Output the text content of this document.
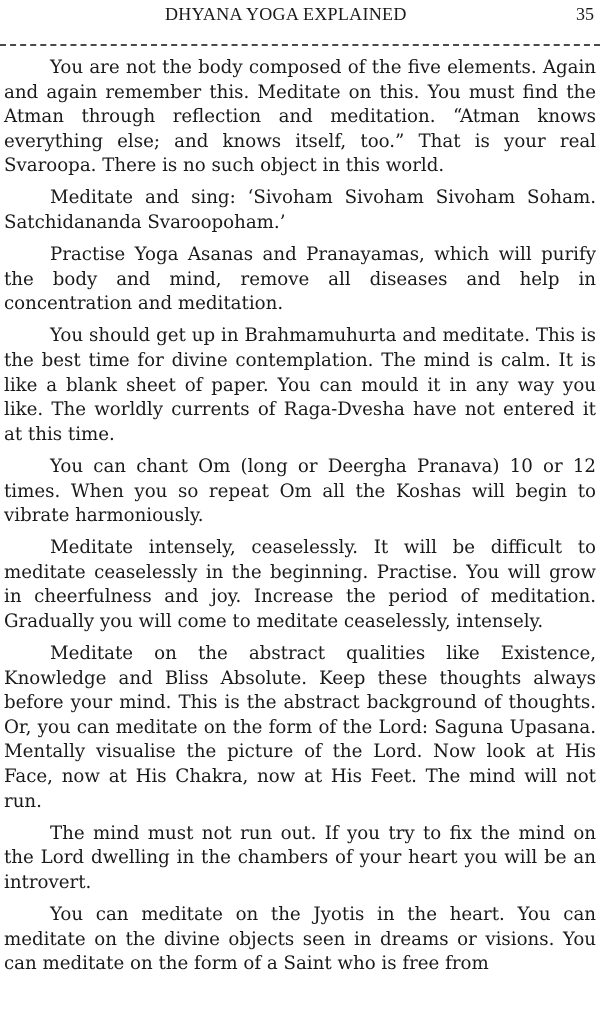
DHYANA YOGA EXPLAINED	35

You are not the body composed of the five elements. Again and again remember this. Meditate on this. You must find the Atman through reflection and meditation. “Atman knows everything else; and knows itself, too.” That is your real Svaroopa. There is no such object in this world.

Meditate and sing: ‘Sivoham Sivoham Sivoham Soham. Satchidananda Svaroopoham.’

Practise Yoga Asanas and Pranayamas, which will purify the body and mind, remove all diseases and help in concentration and meditation.

You should get up in Brahmamuhurta and meditate. This is the best time for divine contemplation. The mind is calm. It is like a blank sheet of paper. You can mould it in any way you like. The worldly currents of Raga-Dvesha have not entered it at this time.

You can chant Om (long or Deergha Pranava) 10 or 12 times. When you so repeat Om all the Koshas will begin to vibrate harmoniously.

Meditate intensely, ceaselessly. It will be difficult to meditate ceaselessly in the beginning. Practise. You will grow in cheerfulness and joy. Increase the period of meditation. Gradually you will come to meditate ceaselessly, intensely.

Meditate on the abstract qualities like Existence, Knowledge and Bliss Absolute. Keep these thoughts always before your mind. This is the abstract background of thoughts. Or, you can meditate on the form of the Lord: Saguna Upasana. Mentally visualise the picture of the Lord. Now look at His Face, now at His Chakra, now at His Feet. The mind will not run.

The mind must not run out. If you try to fix the mind on the Lord dwelling in the chambers of your heart you will be an introvert.

You can meditate on the Jyotis in the heart. You can meditate on the divine objects seen in dreams or visions. You can meditate on the form of a Saint who is free from
